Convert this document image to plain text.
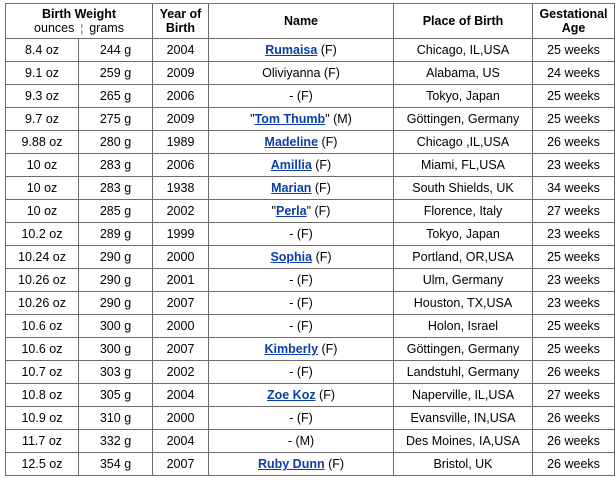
Birth Weight
ounces ¦ grams		Year of Birth	Name	Place of Birth	Gestational Age
8.4 oz	244 g	2004	Rumaisa (F)	Chicago, IL,USA	25 weeks
9.1 oz	259 g	2009	Oliviyanna (F)	Alabama, US	24 weeks
9.3 oz	265 g	2006	- (F)	Tokyo, Japan	25 weeks
9.7 oz	275 g	2009	"Tom Thumb" (M)	Göttingen, Germany	25 weeks
9.88 oz	280 g	1989	Madeline (F)	Chicago ,IL,USA	26 weeks
10 oz	283 g	2006	Amillia (F)	Miami, FL,USA	23 weeks
10 oz	283 g	1938	Marian (F)	South Shields, UK	34 weeks
10 oz	285 g	2002	"Perla" (F)	Florence, Italy	27 weeks
10.2 oz	289 g	1999	- (F)	Tokyo, Japan	23 weeks
10.24 oz	290 g	2000	Sophia (F)	Portland, OR,USA	25 weeks
10.26 oz	290 g	2001	- (F)	Ulm, Germany	23 weeks
10.26 oz	290 g	2007	- (F)	Houston, TX,USA	23 weeks
10.6 oz	300 g	2000	- (F)	Holon, Israel	25 weeks
10.6 oz	300 g	2007	Kimberly (F)	Göttingen, Germany	25 weeks
10.7 oz	303 g	2002	- (F)	Landstuhl, Germany	26 weeks
10.8 oz	305 g	2004	Zoe Koz (F)	Naperville, IL,USA	27 weeks
10.9 oz	310 g	2000	- (F)	Evansville, IN,USA	26 weeks
11.7 oz	332 g	2004	- (M)	Des Moines, IA,USA	26 weeks
12.5 oz	354 g	2007	Ruby Dunn (F)	Bristol, UK	26 weeks
